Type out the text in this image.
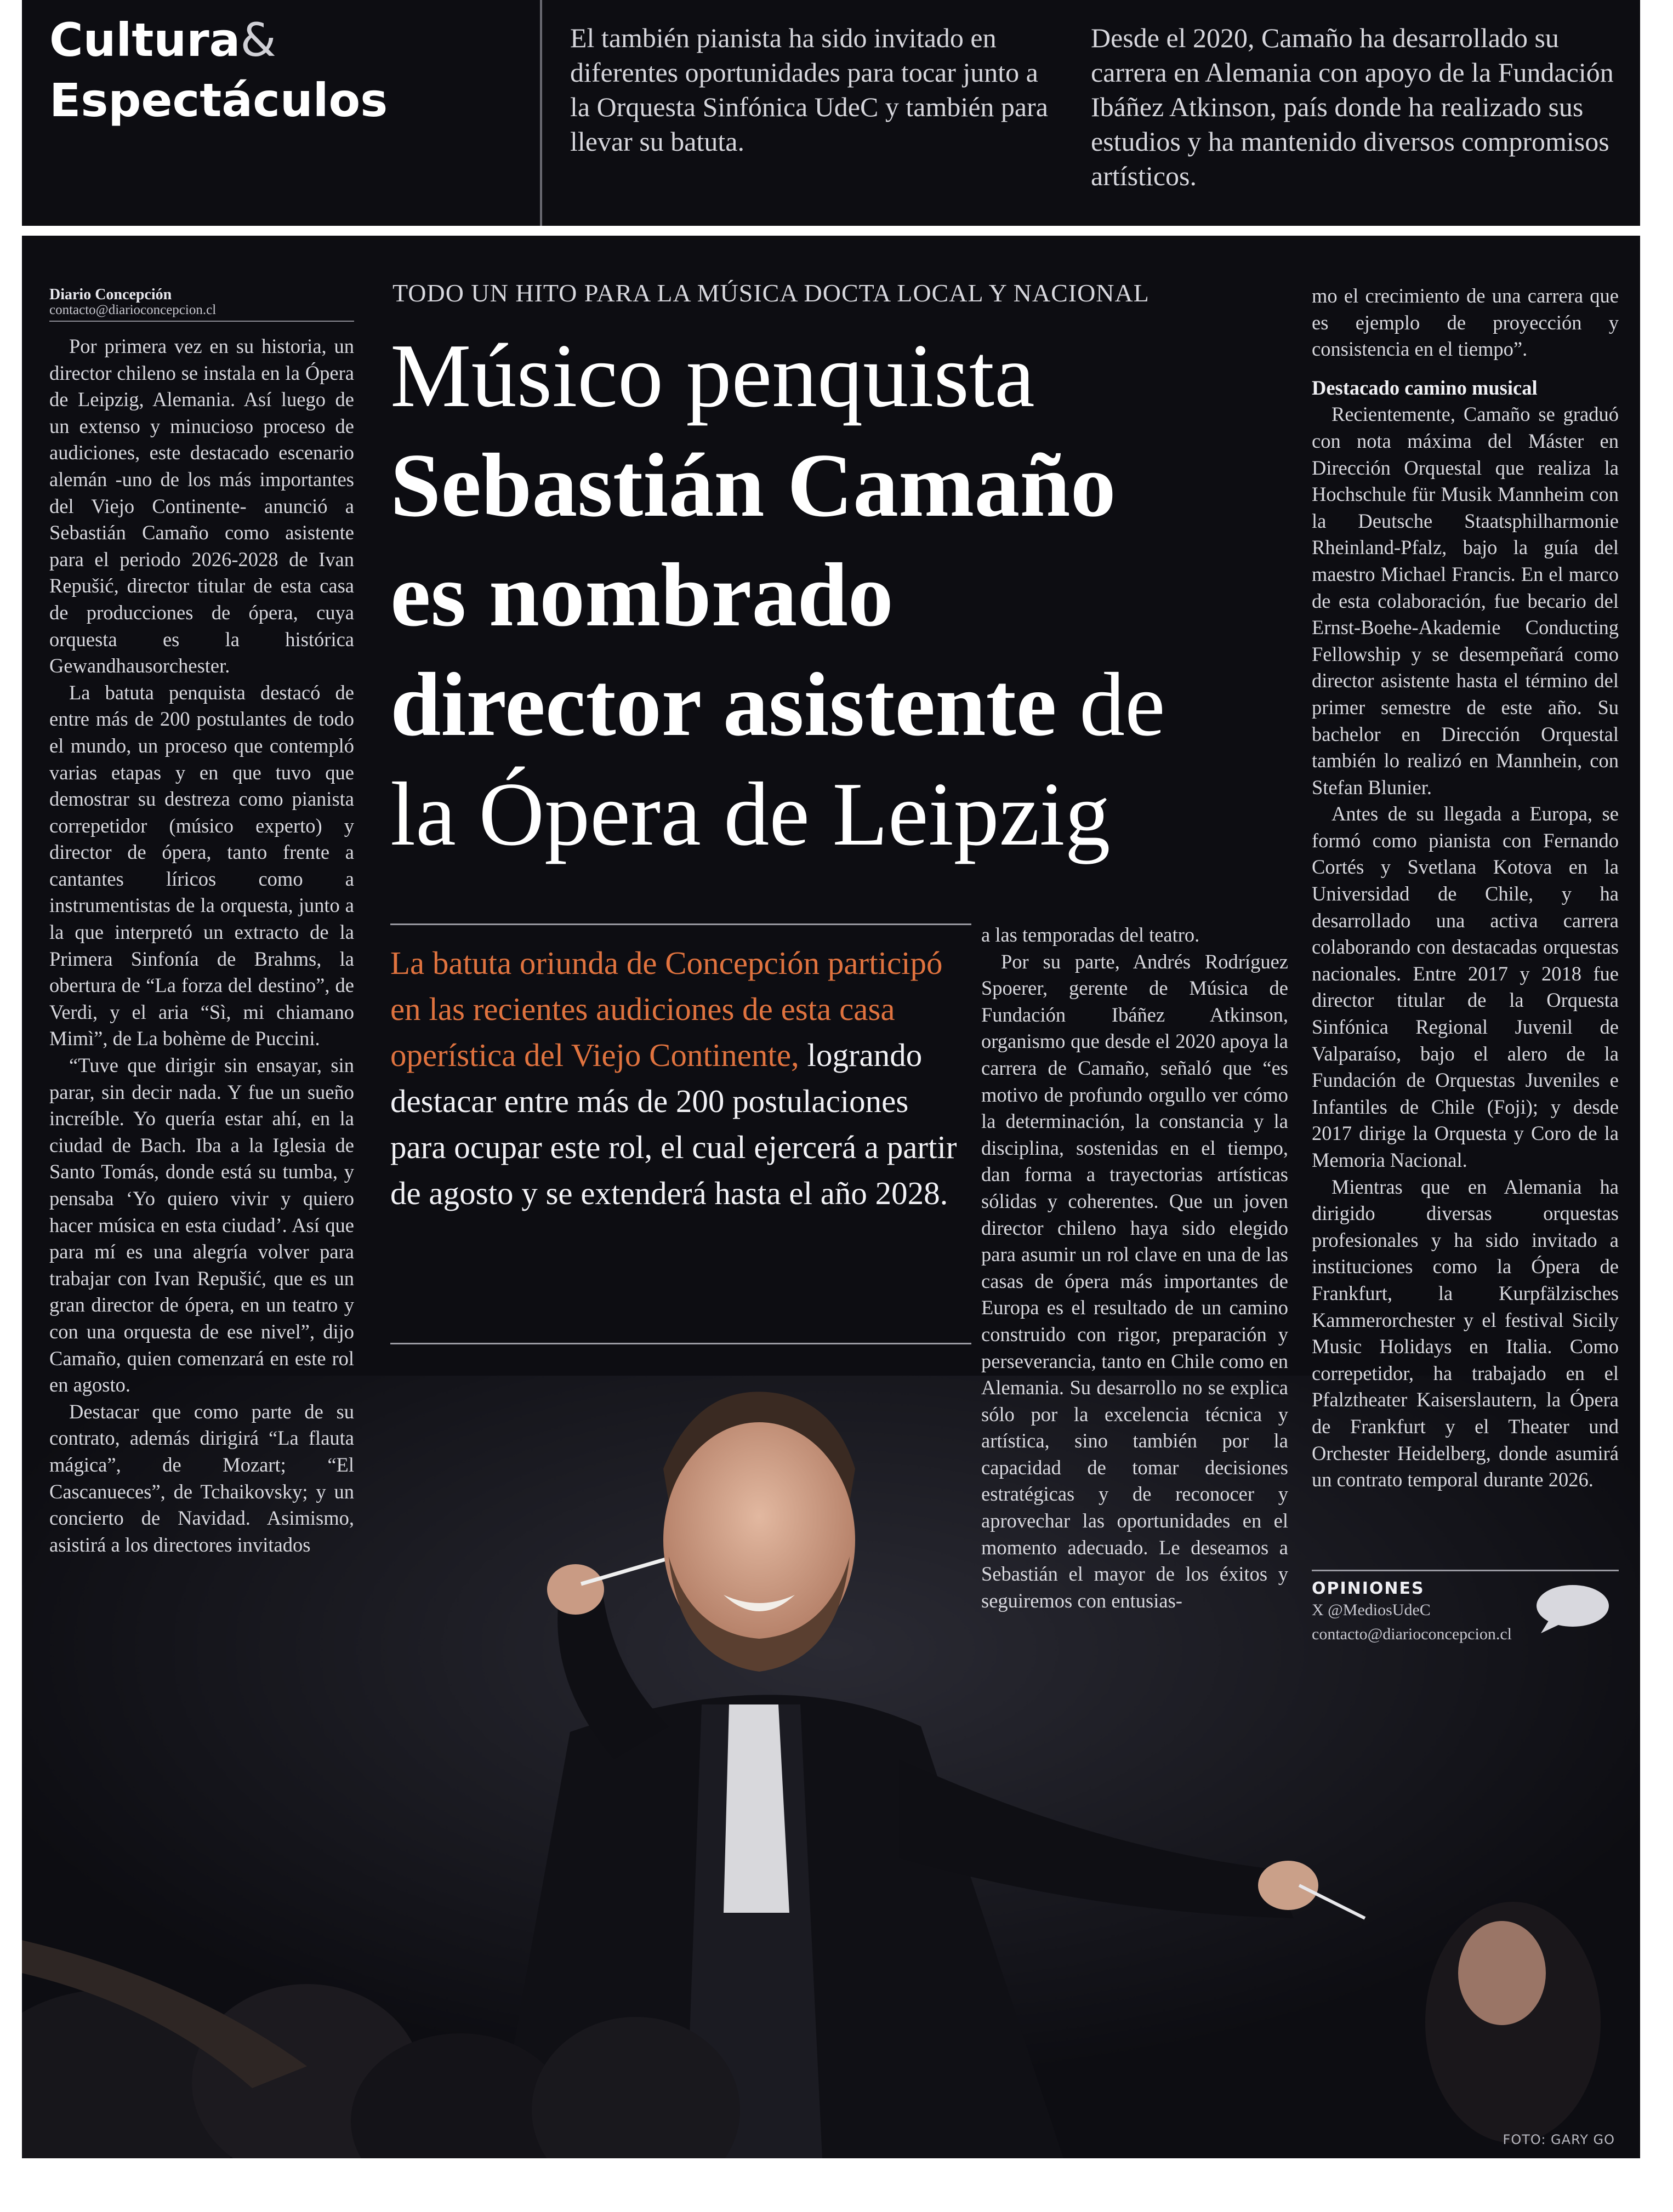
Cultura&
Espectáculos
El también pianista ha sido invitado en diferentes oportunidades para tocar junto a la Orquesta Sinfónica UdeC y también para llevar su batuta.
Desde el 2020, Camaño ha desarrollado su carrera en Alemania con apoyo de la Fundación Ibáñez Atkinson, país donde ha realizado sus estudios y ha mantenido diversos compromisos artísticos.
Diario Concepción
contacto@diarioconcepcion.cl

Por primera vez en su historia, un director chileno se instala en la Ópera de Leipzig, Alemania. Así luego de un extenso y minucioso proceso de audiciones, este destacado escenario alemán -uno de los más importantes del Viejo Continente- anunció a Sebastián Camaño como asistente para el periodo 2026-2028 de Ivan Repušić, director titular de esta casa de producciones de ópera, cuya orquesta es la histórica Gewandhausorchester.

La batuta penquista destacó de entre más de 200 postulantes de todo el mundo, un proceso que contempló varias etapas y en que tuvo que demostrar su destreza como pianista correpetidor (músico experto) y director de ópera, tanto frente a cantantes líricos como a instrumentistas de la orquesta, junto a la que interpretó un extracto de la Primera Sinfonía de Brahms, la obertura de “La forza del destino”, de Verdi, y el aria “Sì, mi chiamano Mimì”, de La bohème de Puccini.

“Tuve que dirigir sin ensayar, sin parar, sin decir nada. Y fue un sueño increíble. Yo quería estar ahí, en la ciudad de Bach. Iba a la Iglesia de Santo Tomás, donde está su tumba, y pensaba ‘Yo quiero vivir y quiero hacer música en esta ciudad’. Así que para mí es una alegría volver para trabajar con Ivan Repušić, que es un gran director de ópera, en un teatro y con una orquesta de ese nivel”, dijo Camaño, quien comenzará en este rol en agosto.

Destacar que como parte de su contrato, además dirigirá “La flauta mágica”, de Mozart; “El Cascanueces”, de Tchaikovsky; y un concierto de Navidad. Asimismo, asistirá a los directores invitados

TODO UN HITO PARA LA MÚSICA DOCTA LOCAL Y NACIONAL
Músico penquista
Sebastián Camaño
es nombrado
director asistente de
la Ópera de Leipzig
La batuta oriunda de Concepción participó en las recientes audiciones de esta casa operística del Viejo Continente, logrando destacar entre más de 200 postulaciones para ocupar este rol, el cual ejercerá a partir de agosto y se extenderá hasta el año 2028.

a las temporadas del teatro.

Por su parte, Andrés Rodríguez Spoerer, gerente de Música de Fundación Ibáñez Atkinson, organismo que desde el 2020 apoya la carrera de Camaño, señaló que “es motivo de profundo orgullo ver cómo la determinación, la constancia y la disciplina, sostenidas en el tiempo, dan forma a trayectorias artísticas sólidas y coherentes. Que un joven director chileno haya sido elegido para asumir un rol clave en una de las casas de ópera más importantes de Europa es el resultado de un camino construido con rigor, preparación y perseverancia, tanto en Chile como en Alemania. Su desarrollo no se explica sólo por la excelencia técnica y artística, sino también por la capacidad de tomar decisiones estratégicas y de reconocer y aprovechar las oportunidades en el momento adecuado. Le deseamos a Sebastián el mayor de los éxitos y seguiremos con entusias-

mo el crecimiento de una carrera que es ejemplo de proyección y consistencia en el tiempo”.

Destacado camino musical

Recientemente, Camaño se graduó con nota máxima del Máster en Dirección Orquestal que realiza la Hochschule für Musik Mannheim con la Deutsche Staatsphilharmonie Rheinland-Pfalz, bajo la guía del maestro Michael Francis. En el marco de esta colaboración, fue becario del Ernst-Boehe-Akademie Conducting Fellowship y se desempeñará como director asistente hasta el término del primer semestre de este año. Su bachelor en Dirección Orquestal también lo realizó en Mannhein, con Stefan Blunier.

Antes de su llegada a Europa, se formó como pianista con Fernando Cortés y Svetlana Kotova en la Universidad de Chile, y ha desarrollado una activa carrera colaborando con destacadas orquestas nacionales. Entre 2017 y 2018 fue director titular de la Orquesta Sinfónica Regional Juvenil de Valparaíso, bajo el alero de la Fundación de Orquestas Juveniles e Infantiles de Chile (Foji); y desde 2017 dirige la Orquesta y Coro de la Memoria Nacional.

Mientras que en Alemania ha dirigido diversas orquestas profesionales y ha sido invitado a instituciones como la Ópera de Frankfurt, la Kurpfälzisches Kammerorchester y el festival Sicily Music Holidays en Italia. Como correpetidor, ha trabajado en el Pfalztheater Kaiserslautern, la Ópera de Frankfurt y el Theater und Orchester Heidelberg, donde asumirá un contrato temporal durante 2026.

OPINIONES
X @MediosUdeC
contacto@diarioconcepcion.cl
FOTO: GARY GO
